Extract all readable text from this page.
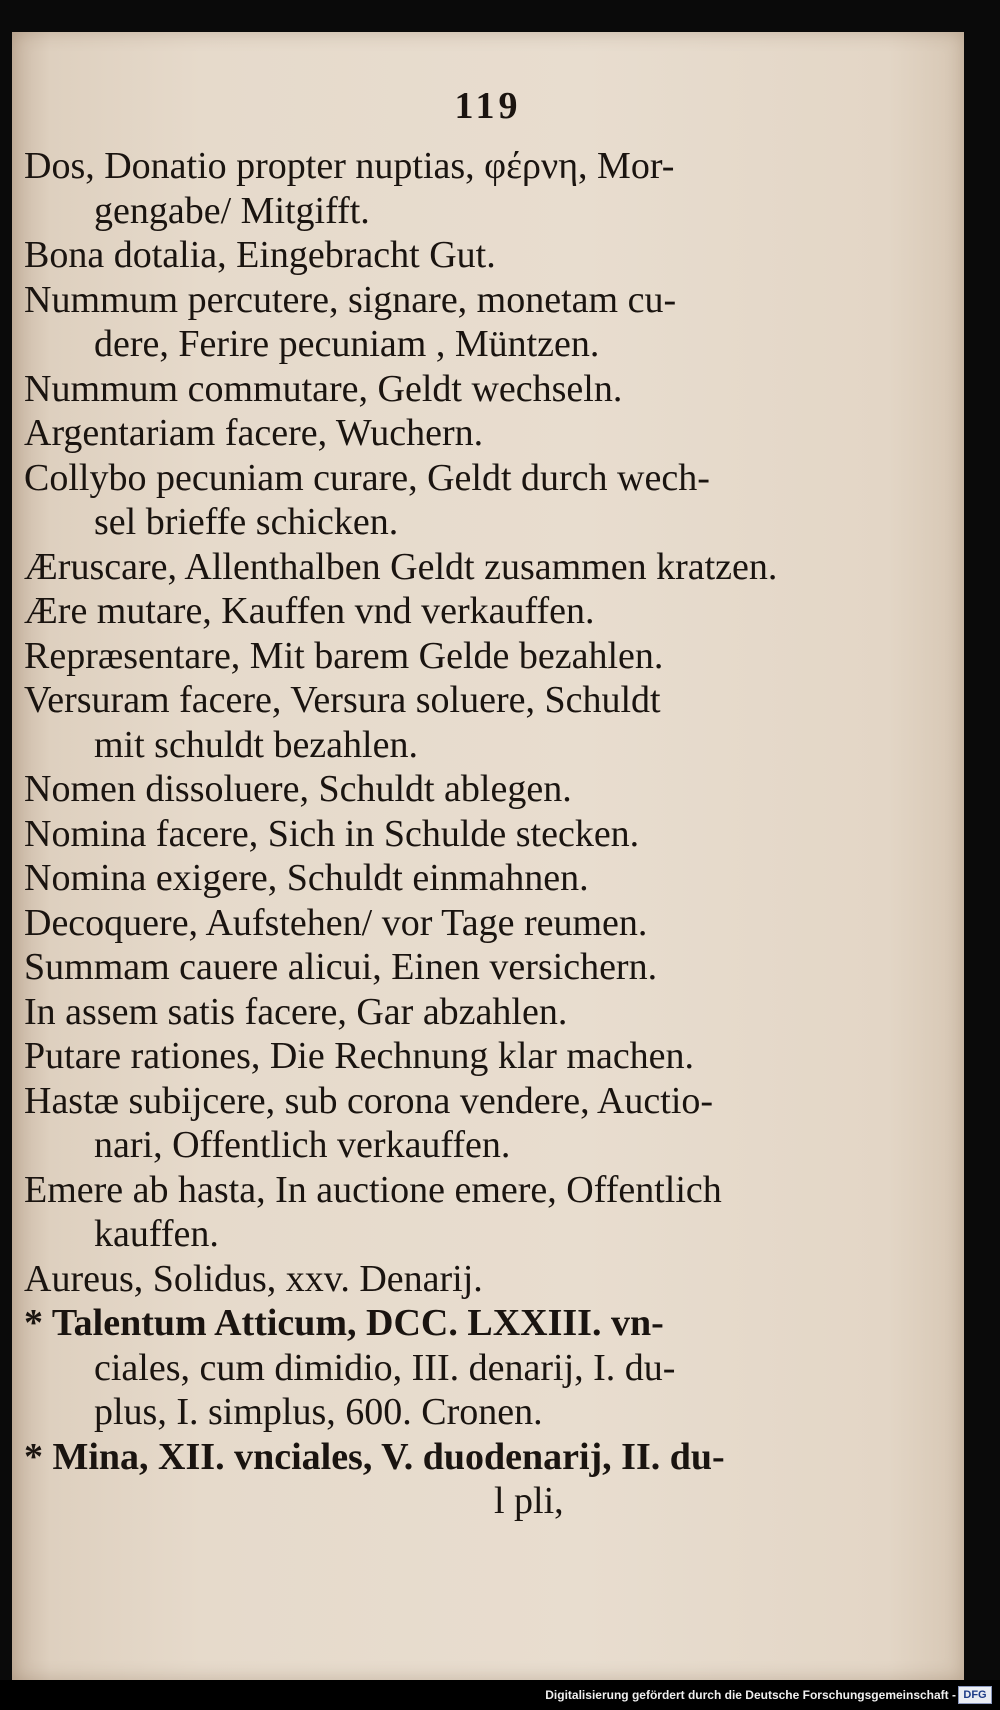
119
Dos, Donatio propter nuptias, φέρνη, Mor-
gengabe/ Mitgifft.
Bona dotalia, Eingebracht Gut.
Nummum percutere, signare, monetam cu-
dere, Ferire pecuniam , Müntzen.
Nummum commutare, Geldt wechseln.
Argentariam facere, Wuchern.
Collybo pecuniam curare, Geldt durch wech-
sel brieffe schicken.
Æruscare, Allenthalben Geldt zusammen kratzen.
Ære mutare, Kauffen vnd verkauffen.
Repræsentare, Mit barem Gelde bezahlen.
Versuram facere, Versura soluere, Schuldt
mit schuldt bezahlen.
Nomen dissoluere, Schuldt ablegen.
Nomina facere, Sich in Schulde stecken.
Nomina exigere, Schuldt einmahnen.
Decoquere, Aufstehen/ vor Tage reumen.
Summam cauere alicui, Einen versichern.
In assem satis facere, Gar abzahlen.
Putare rationes, Die Rechnung klar machen.
Hastæ subijcere, sub corona vendere, Auctio-
nari, Offentlich verkauffen.
Emere ab hasta, In auctione emere, Offentlich
kauffen.
Aureus, Solidus, xxv. Denarij.
* Talentum Atticum, DCC. LXXIII. vn-
ciales, cum dimidio, III. denarij, I. du-
plus, I. simplus, 600. Cronen.
* Mina, XII. vnciales, V. duodenarij, II. du-
l pli,
Digitalisierung gefördert durch die Deutsche Forschungsgemeinschaft - DFG
